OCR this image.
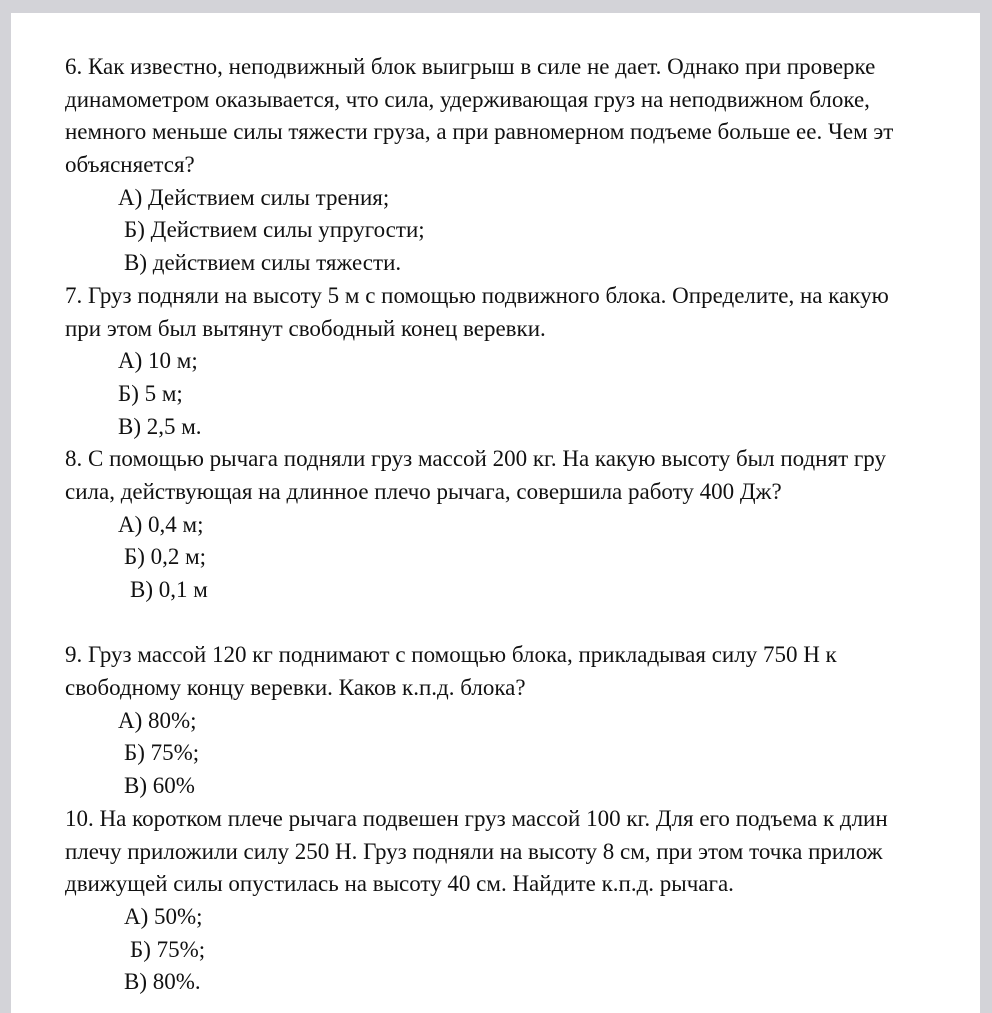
6. Как известно, неподвижный блок выигрыш в силе не дает. Однако при проверке
динамометром оказывается, что сила, удерживающая груз на неподвижном блоке,
немного меньше силы тяжести груза, а при равномерном подъеме больше ее. Чем эт
объясняется?
А) Действием силы трения;
Б) Действием силы упругости;
В) действием силы тяжести.
7. Груз подняли на высоту 5 м с помощью подвижного блока. Определите, на какую
при этом был вытянут свободный конец веревки.
А) 10 м;
Б) 5 м;
В) 2,5 м.
8. С помощью рычага подняли груз массой 200 кг. На какую высоту был поднят гру
сила, действующая на длинное плечо рычага, совершила работу 400 Дж?
А) 0,4 м;
Б) 0,2 м;
В) 0,1 м
9. Груз массой 120 кг поднимают с помощью блока, прикладывая силу 750 Н к
свободному концу веревки. Каков к.п.д. блока?
А) 80%;
Б) 75%;
В) 60%
10. На коротком плече рычага подвешен груз массой 100 кг. Для его подъема к длин
плечу приложили силу 250 Н. Груз подняли на высоту 8 см, при этом точка прилож
движущей силы опустилась на высоту 40 см. Найдите к.п.д. рычага.
А) 50%;
Б) 75%;
В) 80%.
